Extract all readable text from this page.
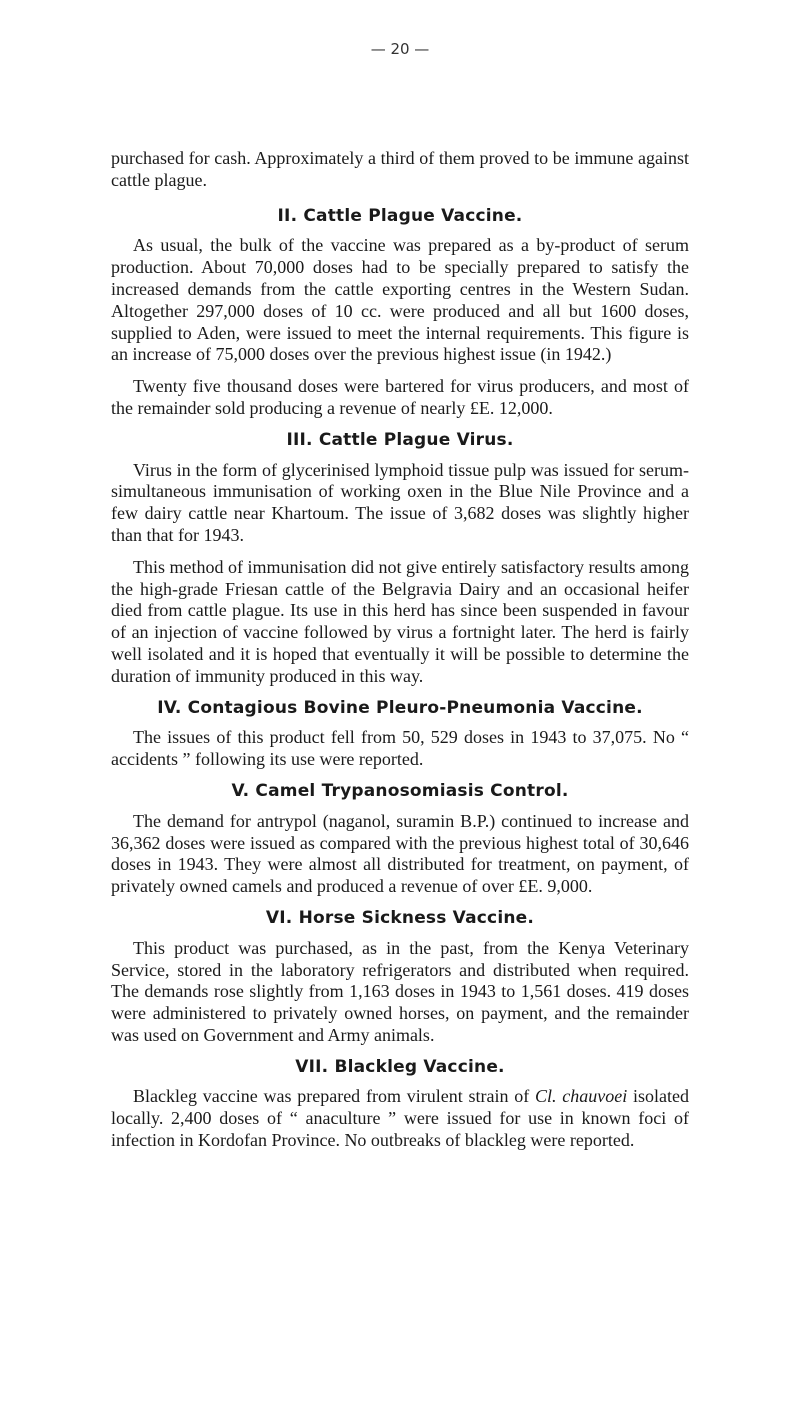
— 20 —

purchased for cash. Approximately a third of them proved to be immune against cattle plague.

II. Cattle Plague Vaccine.

As usual, the bulk of the vaccine was prepared as a by-product of serum production. About 70,000 doses had to be specially prepared to satisfy the increased demands from the cattle exporting centres in the Western Sudan. Altogether 297,000 doses of 10 cc. were produced and all but 1600 doses, supplied to Aden, were issued to meet the internal requirements. This figure is an increase of 75,000 doses over the previous highest issue (in 1942.)

Twenty five thousand doses were bartered for virus producers, and most of the remainder sold producing a revenue of nearly £E. 12,000.

III. Cattle Plague Virus.

Virus in the form of glycerinised lymphoid tissue pulp was issued for serum-simultaneous immunisation of working oxen in the Blue Nile Province and a few dairy cattle near Khartoum. The issue of 3,682 doses was slightly higher than that for 1943.

This method of immunisation did not give entirely satisfactory results among the high-grade Friesan cattle of the Belgravia Dairy and an occasional heifer died from cattle plague. Its use in this herd has since been suspended in favour of an injection of vaccine followed by virus a fortnight later. The herd is fairly well isolated and it is hoped that eventually it will be possible to determine the duration of immunity produced in this way.

IV. Contagious Bovine Pleuro-Pneumonia Vaccine.

The issues of this product fell from 50, 529 doses in 1943 to 37,075. No “ accidents ” following its use were reported.

V. Camel Trypanosomiasis Control.

The demand for antrypol (naganol, suramin B.P.) continued to increase and 36,362 doses were issued as compared with the previous highest total of 30,646 doses in 1943. They were almost all distributed for treatment, on payment, of privately owned camels and produced a revenue of over £E. 9,000.

VI. Horse Sickness Vaccine.

This product was purchased, as in the past, from the Kenya Veterinary Service, stored in the laboratory refrigerators and distributed when required. The demands rose slightly from 1,163 doses in 1943 to 1,561 doses. 419 doses were administered to privately owned horses, on payment, and the remainder was used on Government and Army animals.

VII. Blackleg Vaccine.

Blackleg vaccine was prepared from virulent strain of Cl. chauvoei isolated locally. 2,400 doses of “ anaculture ” were issued for use in known foci of infection in Kordofan Province. No outbreaks of blackleg were reported.
